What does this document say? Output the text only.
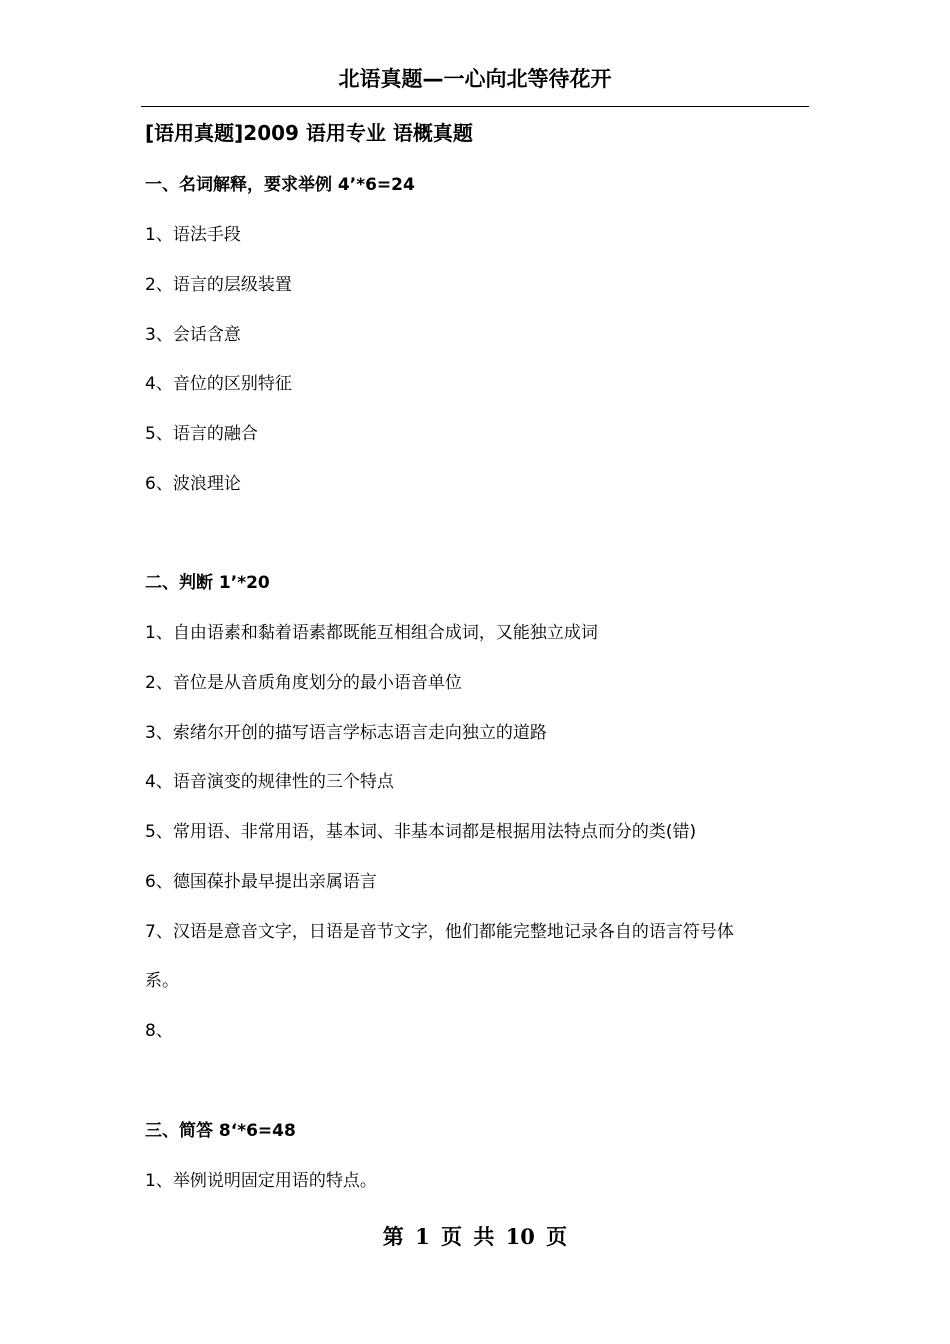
北语真题—一心向北等待花开
[语用真题]2009 语用专业 语概真题
一、名词解释，要求举例 4’*6=24
1、语法手段
2、语言的层级装置
3、会话含意
4、音位的区别特征
5、语言的融合
6、波浪理论
二、判断 1’*20
1、自由语素和黏着语素都既能互相组合成词，又能独立成词
2、音位是从音质角度划分的最小语音单位
3、索绪尔开创的描写语言学标志语言走向独立的道路
4、语音演变的规律性的三个特点
5、常用语、非常用语，基本词、非基本词都是根据用法特点而分的类(错)
6、德国葆扑最早提出亲属语言
7、汉语是意音文字，日语是音节文字，他们都能完整地记录各自的语言符号体
系。
8、
三、简答 8‘*6=48
1、举例说明固定用语的特点。
第 1 页 共 10 页
